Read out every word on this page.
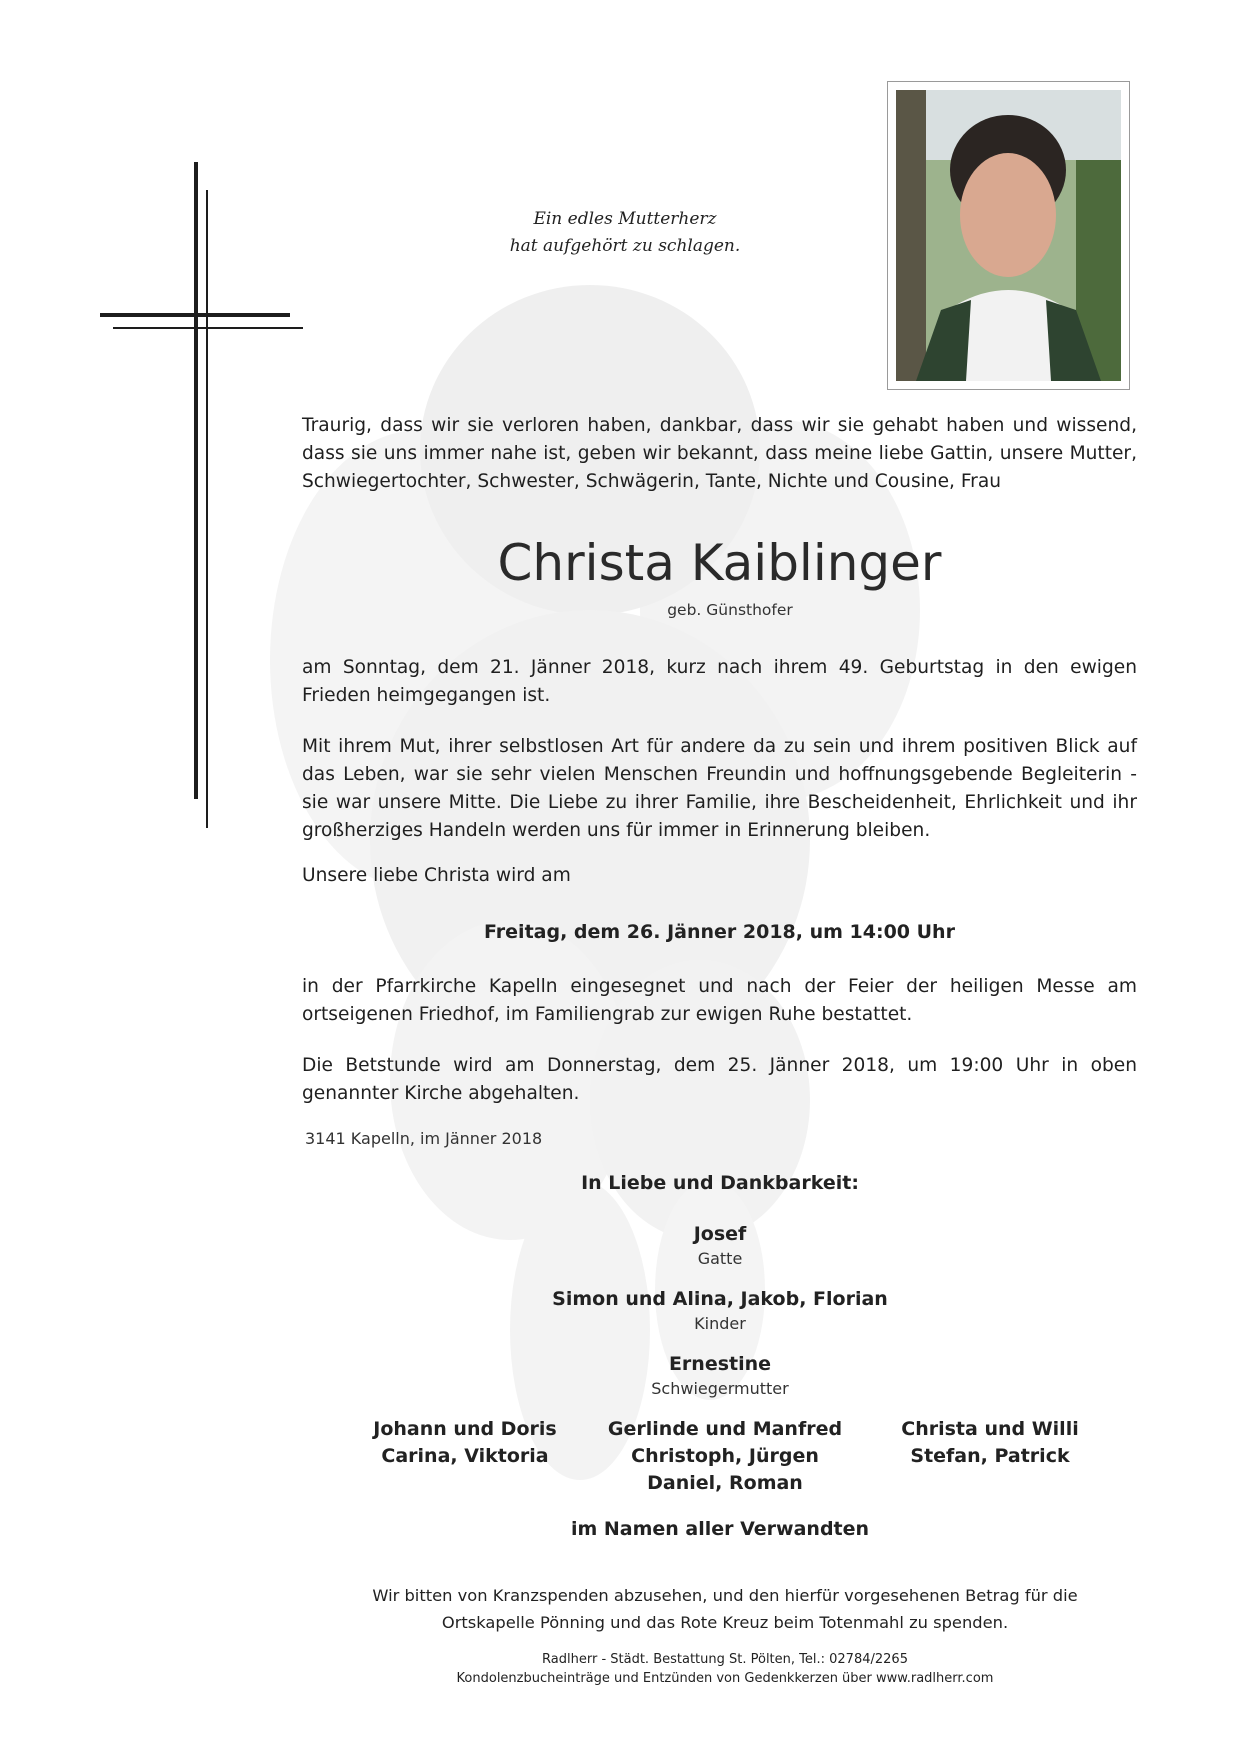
Ein edles Mutterherz
hat aufgehört zu schlagen.
Traurig, dass wir sie verloren haben, dankbar, dass wir sie gehabt haben und wissend, dass sie uns immer nahe ist, geben wir bekannt, dass meine liebe Gattin, unsere Mutter, Schwiegertochter, Schwester, Schwägerin, Tante, Nichte und Cousine, Frau
Christa Kaiblinger
geb. Günsthofer
am Sonntag, dem 21. Jänner 2018, kurz nach ihrem 49. Geburtstag in den ewigen Frieden heimgegangen ist.
Mit ihrem Mut, ihrer selbstlosen Art für andere da zu sein und ihrem positiven Blick auf das Leben, war sie sehr vielen Menschen Freundin und hoffnungsgebende Begleiterin - sie war unsere Mitte. Die Liebe zu ihrer Familie, ihre Bescheidenheit, Ehrlichkeit und ihr großherziges Handeln werden uns für immer in Erinnerung bleiben.
Unsere liebe Christa wird am
Freitag, dem 26. Jänner 2018, um 14:00 Uhr
in der Pfarrkirche Kapelln eingesegnet und nach der Feier der heiligen Messe am ortseigenen Friedhof, im Familiengrab zur ewigen Ruhe bestattet.
Die Betstunde wird am Donnerstag, dem 25. Jänner 2018, um 19:00 Uhr in oben genannter Kirche abgehalten.
3141 Kapelln, im Jänner 2018
In Liebe und Dankbarkeit:
Josef
Gatte
Simon und Alina, Jakob, Florian
Kinder
Ernestine
Schwiegermutter
Johann und Doris
Carina, Viktoria
Gerlinde und Manfred
Christoph, Jürgen
Daniel, Roman
Christa und Willi
Stefan, Patrick
im Namen aller Verwandten
Wir bitten von Kranzspenden abzusehen, und den hierfür vorgesehenen Betrag für die
Ortskapelle Pönning und das Rote Kreuz beim Totenmahl zu spenden.
Radlherr - Städt. Bestattung St. Pölten, Tel.: 02784/2265
Kondolenzbucheinträge und Entzünden von Gedenkkerzen über www.radlherr.com
